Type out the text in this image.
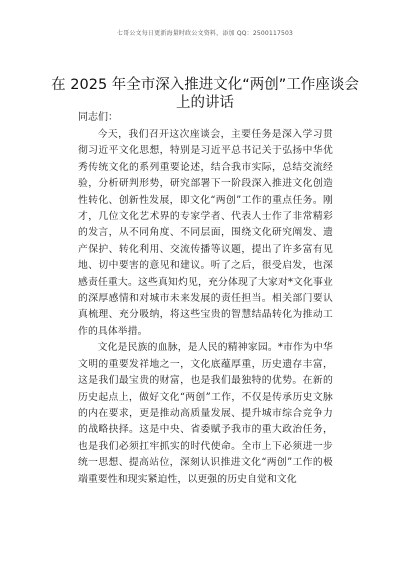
七哥公文每日更新海量时政公文资料，添加 QQ：2500117503
在 2025 年全市深入推进文化“两创”工作座谈会上的讲话

同志们：

今天，我们召开这次座谈会，主要任务是深入学习贯彻习近平文化思想，特别是习近平总书记关于弘扬中华优秀传统文化的系列重要论述，结合我市实际，总结交流经验，分析研判形势，研究部署下一阶段深入推进文化创造性转化、创新性发展，即文化“两创”工作的重点任务。刚才，几位文化艺术界的专家学者、代表人士作了非常精彩的发言，从不同角度、不同层面，围绕文化研究阐发、遗产保护、转化利用、交流传播等议题，提出了许多富有见地、切中要害的意见和建议。听了之后，很受启发，也深感责任重大。这些真知灼见，充分体现了大家对*文化事业的深厚感情和对城市未来发展的责任担当。相关部门要认真梳理、充分吸纳，将这些宝贵的智慧结晶转化为推动工作的具体举措。

文化是民族的血脉，是人民的精神家园。*市作为中华文明的重要发祥地之一，文化底蕴厚重，历史遗存丰富，这是我们最宝贵的财富，也是我们最独特的优势。在新的历史起点上，做好文化“两创”工作，不仅是传承历史文脉的内在要求，更是推动高质量发展、提升城市综合竞争力的战略抉择。这是中央、省委赋予我市的重大政治任务，也是我们必须扛牢抓实的时代使命。全市上下必须进一步统一思想、提高站位，深刻认识推进文化“两创”工作的极端重要性和现实紧迫性，以更强的历史自觉和文化
